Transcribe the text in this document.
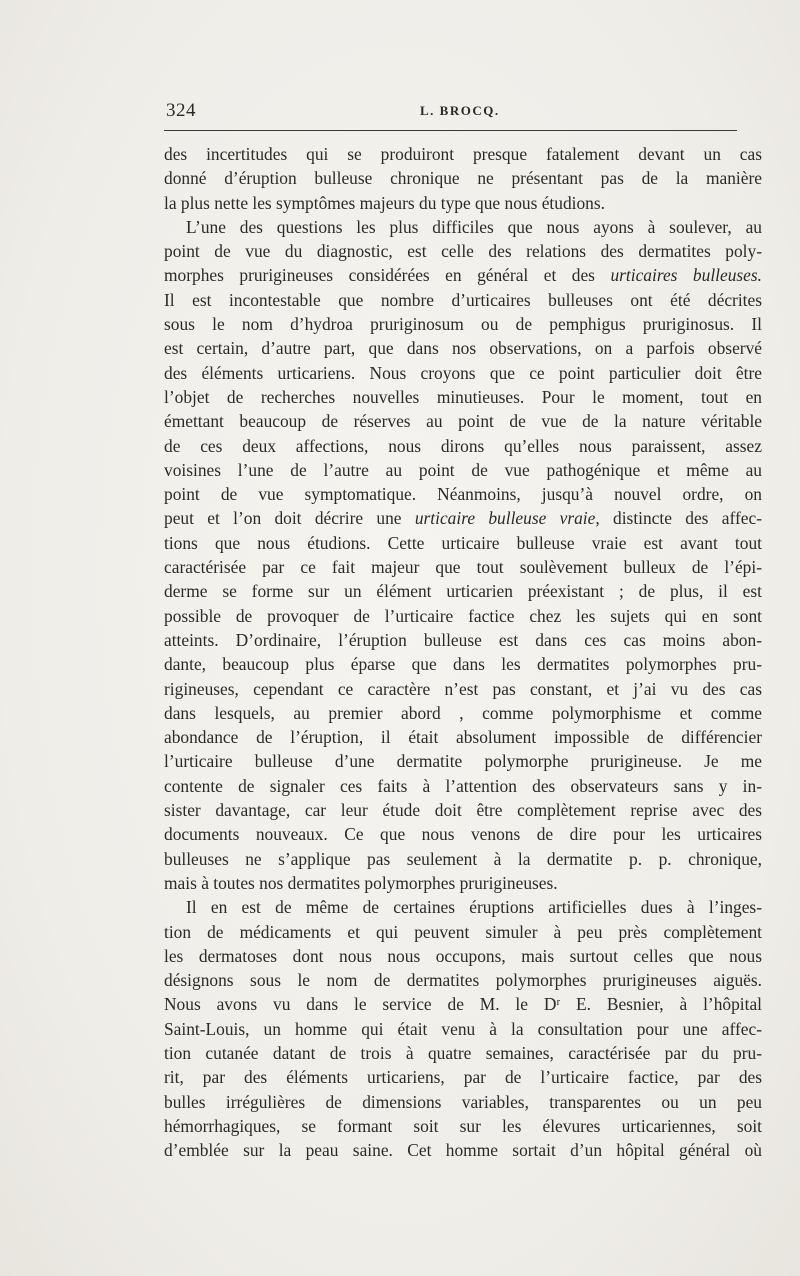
324	L. BROCQ.
des incertitudes qui se produiront presque fatalement devant un cas
donné d’éruption bulleuse chronique ne présentant pas de la manière
la plus nette les symptômes majeurs du type que nous étudions.
L’une des questions les plus difficiles que nous ayons à soulever, au
point de vue du diagnostic, est celle des relations des dermatites poly-
morphes prurigineuses considérées en général et des urticaires bulleuses.
Il est incontestable que nombre d’urticaires bulleuses ont été décrites
sous le nom d’hydroa pruriginosum ou de pemphigus pruriginosus. Il
est certain, d’autre part, que dans nos observations, on a parfois observé
des éléments urticariens. Nous croyons que ce point particulier doit être
l’objet de recherches nouvelles minutieuses. Pour le moment, tout en
émettant beaucoup de réserves au point de vue de la nature véritable
de ces deux affections, nous dirons qu’elles nous paraissent, assez
voisines l’une de l’autre au point de vue pathogénique et même au
point de vue symptomatique. Néanmoins, jusqu’à nouvel ordre, on
peut et l’on doit décrire une urticaire bulleuse vraie, distincte des affec-
tions que nous étudions. Cette urticaire bulleuse vraie est avant tout
caractérisée par ce fait majeur que tout soulèvement bulleux de l’épi-
derme se forme sur un élément urticarien préexistant ; de plus, il est
possible de provoquer de l’urticaire factice chez les sujets qui en sont
atteints. D’ordinaire, l’éruption bulleuse est dans ces cas moins abon-
dante, beaucoup plus éparse que dans les dermatites polymorphes pru-
rigineuses, cependant ce caractère n’est pas constant, et j’ai vu des cas
dans lesquels, au premier abord , comme polymorphisme et comme
abondance de l’éruption, il était absolument impossible de différencier
l’urticaire bulleuse d’une dermatite polymorphe prurigineuse. Je me
contente de signaler ces faits à l’attention des observateurs sans y in-
sister davantage, car leur étude doit être complètement reprise avec des
documents nouveaux. Ce que nous venons de dire pour les urticaires
bulleuses ne s’applique pas seulement à la dermatite p. p. chronique,
mais à toutes nos dermatites polymorphes prurigineuses.
Il en est de même de certaines éruptions artificielles dues à l’inges-
tion de médicaments et qui peuvent simuler à peu près complètement
les dermatoses dont nous nous occupons, mais surtout celles que nous
désignons sous le nom de dermatites polymorphes prurigineuses aiguës.
Nous avons vu dans le service de M. le Dʳ E. Besnier, à l’hôpital
Saint-Louis, un homme qui était venu à la consultation pour une affec-
tion cutanée datant de trois à quatre semaines, caractérisée par du pru-
rit, par des éléments urticariens, par de l’urticaire factice, par des
bulles irrégulières de dimensions variables, transparentes ou un peu
hémorrhagiques, se formant soit sur les élevures urticariennes, soit
d’emblée sur la peau saine. Cet homme sortait d’un hôpital général où
